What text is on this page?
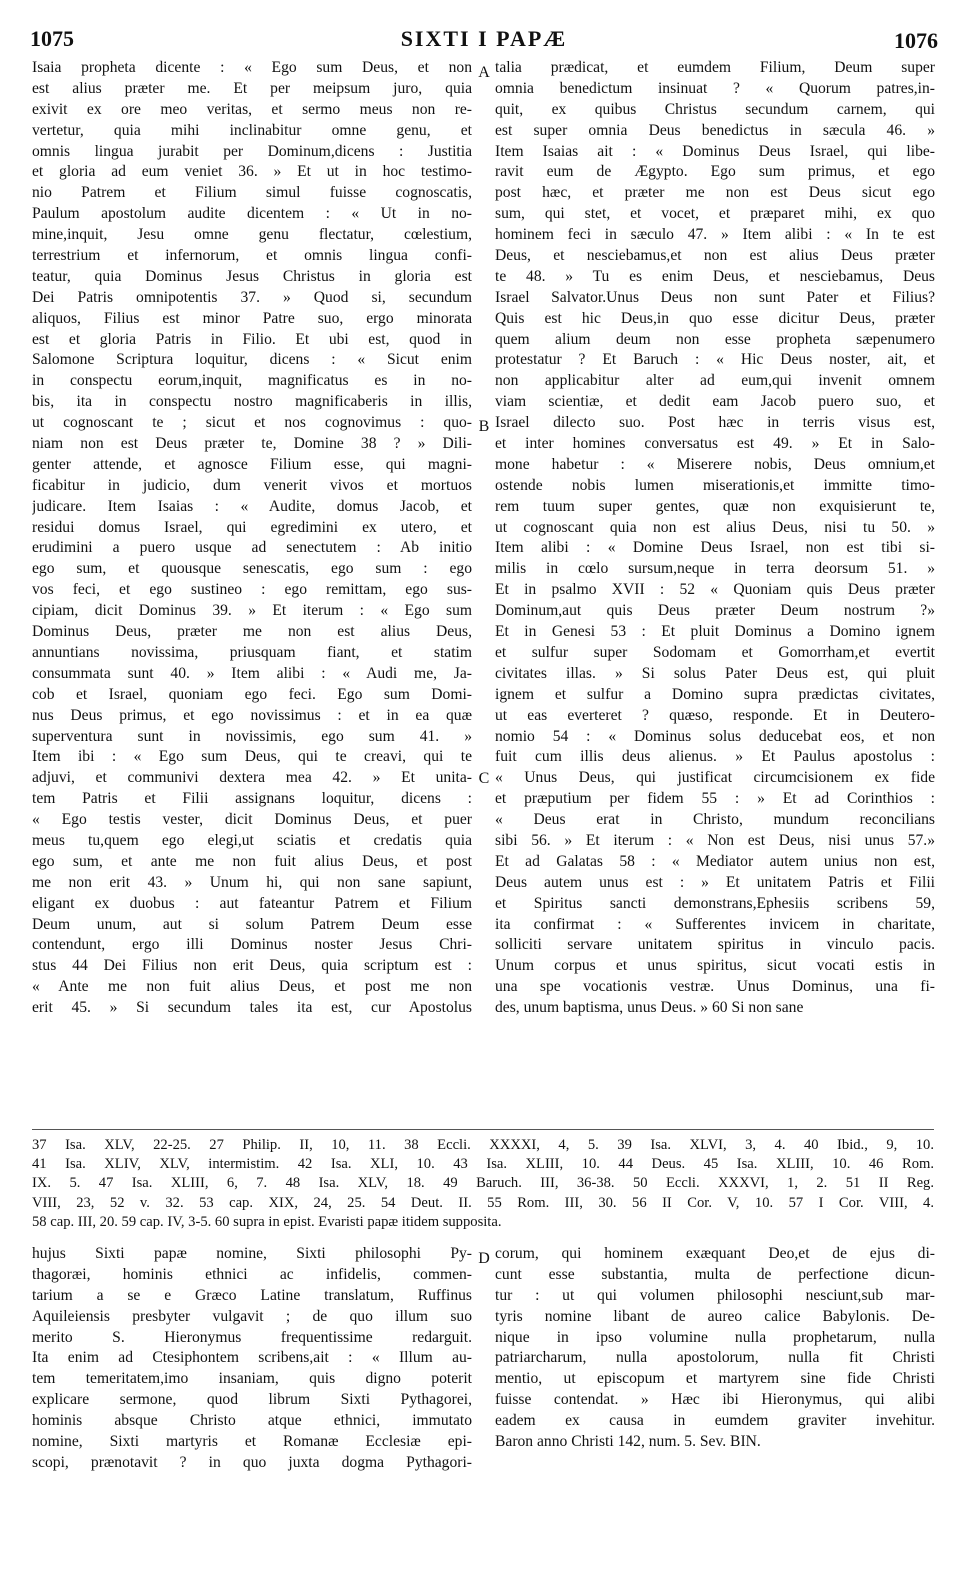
1075	SIXTI I PAPÆ	1076
Isaia propheta dicente : « Ego sum Deus, et non
est alius præter me. Et per meipsum juro, quia
exivit ex ore meo veritas, et sermo meus non re-
vertetur, quia mihi inclinabitur omne genu, et
omnis lingua jurabit per Dominum,dicens : Justitia
et gloria ad eum veniet 36. » Et ut in hoc testimo-
nio Patrem et Filium simul fuisse cognoscatis,
Paulum apostolum audite dicentem : « Ut in no-
mine,inquit, Jesu omne genu flectatur, cœlestium,
terrestrium et infernorum, et omnis lingua confi-
teatur, quia Dominus Jesus Christus in gloria est
Dei Patris omnipotentis 37. » Quod si, secundum
aliquos, Filius est minor Patre suo, ergo minorata
est et gloria Patris in Filio. Et ubi est, quod in
Salomone Scriptura loquitur, dicens : « Sicut enim
in conspectu eorum,inquit, magnificatus es in no-
bis, ita in conspectu nostro magnificaberis in illis,
ut cognoscant te ; sicut et nos cognovimus : quo-
niam non est Deus præter te, Domine 38 ? » Dili-
genter attende, et agnosce Filium esse, qui magni-
ficabitur in judicio, dum venerit vivos et mortuos
judicare. Item Isaias : « Audite, domus Jacob, et
residui domus Israel, qui egredimini ex utero, et
erudimini a puero usque ad senectutem : Ab initio
ego sum, et quousque senescatis, ego sum : ego
vos feci, et ego sustineo : ego remittam, ego sus-
cipiam, dicit Dominus 39. » Et iterum : « Ego sum
Dominus Deus, præter me non est alius Deus,
annuntians novissima, priusquam fiant, et statim
consummata sunt 40. » Item alibi : « Audi me, Ja-
cob et Israel, quoniam ego feci. Ego sum Domi-
nus Deus primus, et ego novissimus : et in ea quæ
superventura sunt in novissimis, ego sum 41. »
Item ibi : « Ego sum Deus, qui te creavi, qui te
adjuvi, et communivi dextera mea 42. » Et unita-
tem Patris et Filii assignans loquitur, dicens :
« Ego testis vester, dicit Dominus Deus, et puer
meus tu,quem ego elegi,ut sciatis et credatis quia
ego sum, et ante me non fuit alius Deus, et post
me non erit 43. » Unum hi, qui non sane sapiunt,
eligant ex duobus : aut fateantur Patrem et Filium
Deum unum, aut si solum Patrem Deum esse
contendunt, ergo illi Dominus noster Jesus Chri-
stus 44 Dei Filius non erit Deus, quia scriptum est :
« Ante me non fuit alius Deus, et post me non
erit 45. » Si secundum tales ita est, cur Apostolus
talia prædicat, et eumdem Filium, Deum super
omnia benedictum insinuat ? « Quorum patres,in-
quit, ex quibus Christus secundum carnem, qui
est super omnia Deus benedictus in sæcula 46. »
Item Isaias ait : « Dominus Deus Israel, qui libe-
ravit eum de Ægypto. Ego sum primus, et ego
post hæc, et præter me non est Deus sicut ego
sum, qui stet, et vocet, et præparet mihi, ex quo
hominem feci in sæculo 47. » Item alibi : « In te est
Deus, et nesciebamus,et non est alius Deus præter
te 48. » Tu es enim Deus, et nesciebamus, Deus
Israel Salvator.Unus Deus non sunt Pater et Filius?
Quis est hic Deus,in quo esse dicitur Deus, præter
quem alium deum non esse propheta sæpenumero
protestatur ? Et Baruch : « Hic Deus noster, ait, et
non applicabitur alter ad eum,qui invenit omnem
viam scientiæ, et dedit eam Jacob puero suo, et
Israel dilecto suo. Post hæc in terris visus est,
et inter homines conversatus est 49. » Et in Salo-
mone habetur : « Miserere nobis, Deus omnium,et
ostende nobis lumen miserationis,et immitte timo-
rem tuum super gentes, quæ non exquisierunt te,
ut cognoscant quia non est alius Deus, nisi tu 50. »
Item alibi : « Domine Deus Israel, non est tibi si-
milis in cœlo sursum,neque in terra deorsum 51. »
Et in psalmo XVII : 52 « Quoniam quis Deus præter
Dominum,aut quis Deus præter Deum nostrum ?»
Et in Genesi 53 : Et pluit Dominus a Domino ignem
et sulfur super Sodomam et Gomorrham,et evertit
civitates illas. » Si solus Pater Deus est, qui pluit
ignem et sulfur a Domino supra prædictas civitates,
ut eas everteret ? quæso, responde. Et in Deutero-
nomio 54 : « Dominus solus deducebat eos, et non
fuit cum illis deus alienus. » Et Paulus apostolus :
« Unus Deus, qui justificat circumcisionem ex fide
et præputium per fidem 55 : » Et ad Corinthios :
« Deus erat in Christo, mundum reconcilians
sibi 56. » Et iterum : « Non est Deus, nisi unus 57.»
Et ad Galatas 58 : « Mediator autem unius non est,
Deus autem unus est : » Et unitatem Patris et Filii
et Spiritus sancti demonstrans,Ephesiis scribens 59,
ita confirmat : « Sufferentes invicem in charitate,
solliciti servare unitatem spiritus in vinculo pacis.
Unum corpus et unus spiritus, sicut vocati estis in
una spe vocationis vestræ. Unus Dominus, una fi-
des, unum baptisma, unus Deus. » 60 Si non sane
A
B
C
D
37 Isa. XLV, 22-25. 27 Philip. II, 10, 11. 38 Eccli. XXXXI, 4, 5. 39 Isa. XLVI, 3, 4. 40 Ibid., 9, 10.
41 Isa. XLIV, XLV, intermistim. 42 Isa. XLI, 10. 43 Isa. XLIII, 10. 44 Deus. 45 Isa. XLIII, 10. 46 Rom.
IX. 5. 47 Isa. XLIII, 6, 7. 48 Isa. XLV, 18. 49 Baruch. III, 36-38. 50 Eccli. XXXVI, 1, 2. 51 II Reg.
VIII, 23, 52 v. 32. 53 cap. XIX, 24, 25. 54 Deut. II. 55 Rom. III, 30. 56 II Cor. V, 10. 57 I Cor. VIII, 4.
58 cap. III, 20. 59 cap. IV, 3-5. 60 supra in epist. Evaristi papæ itidem supposita.
hujus Sixti papæ nomine, Sixti philosophi Py-
thagoræi, hominis ethnici ac infidelis, commen-
tarium a se e Græco Latine translatum, Ruffinus
Aquileiensis presbyter vulgavit ; de quo illum suo
merito S. Hieronymus frequentissime redarguit.
Ita enim ad Ctesiphontem scribens,ait : « Illum au-
tem temeritatem,imo insaniam, quis digno poterit
explicare sermone, quod librum Sixti Pythagorei,
hominis absque Christo atque ethnici, immutato
nomine, Sixti martyris et Romanæ Ecclesiæ epi-
scopi, prænotavit ? in quo juxta dogma Pythagori-
corum, qui hominem exæquant Deo,et de ejus di-
cunt esse substantia, multa de perfectione dicun-
tur : ut qui volumen philosophi nesciunt,sub mar-
tyris nomine libant de aureo calice Babylonis. De-
nique in ipso volumine nulla prophetarum, nulla
patriarcharum, nulla apostolorum, nulla fit Christi
mentio, ut episcopum et martyrem sine fide Christi
fuisse contendat. » Hæc ibi Hieronymus, qui alibi
eadem ex causa in eumdem graviter invehitur.
Baron anno Christi 142, num. 5. Sev. BIN.
